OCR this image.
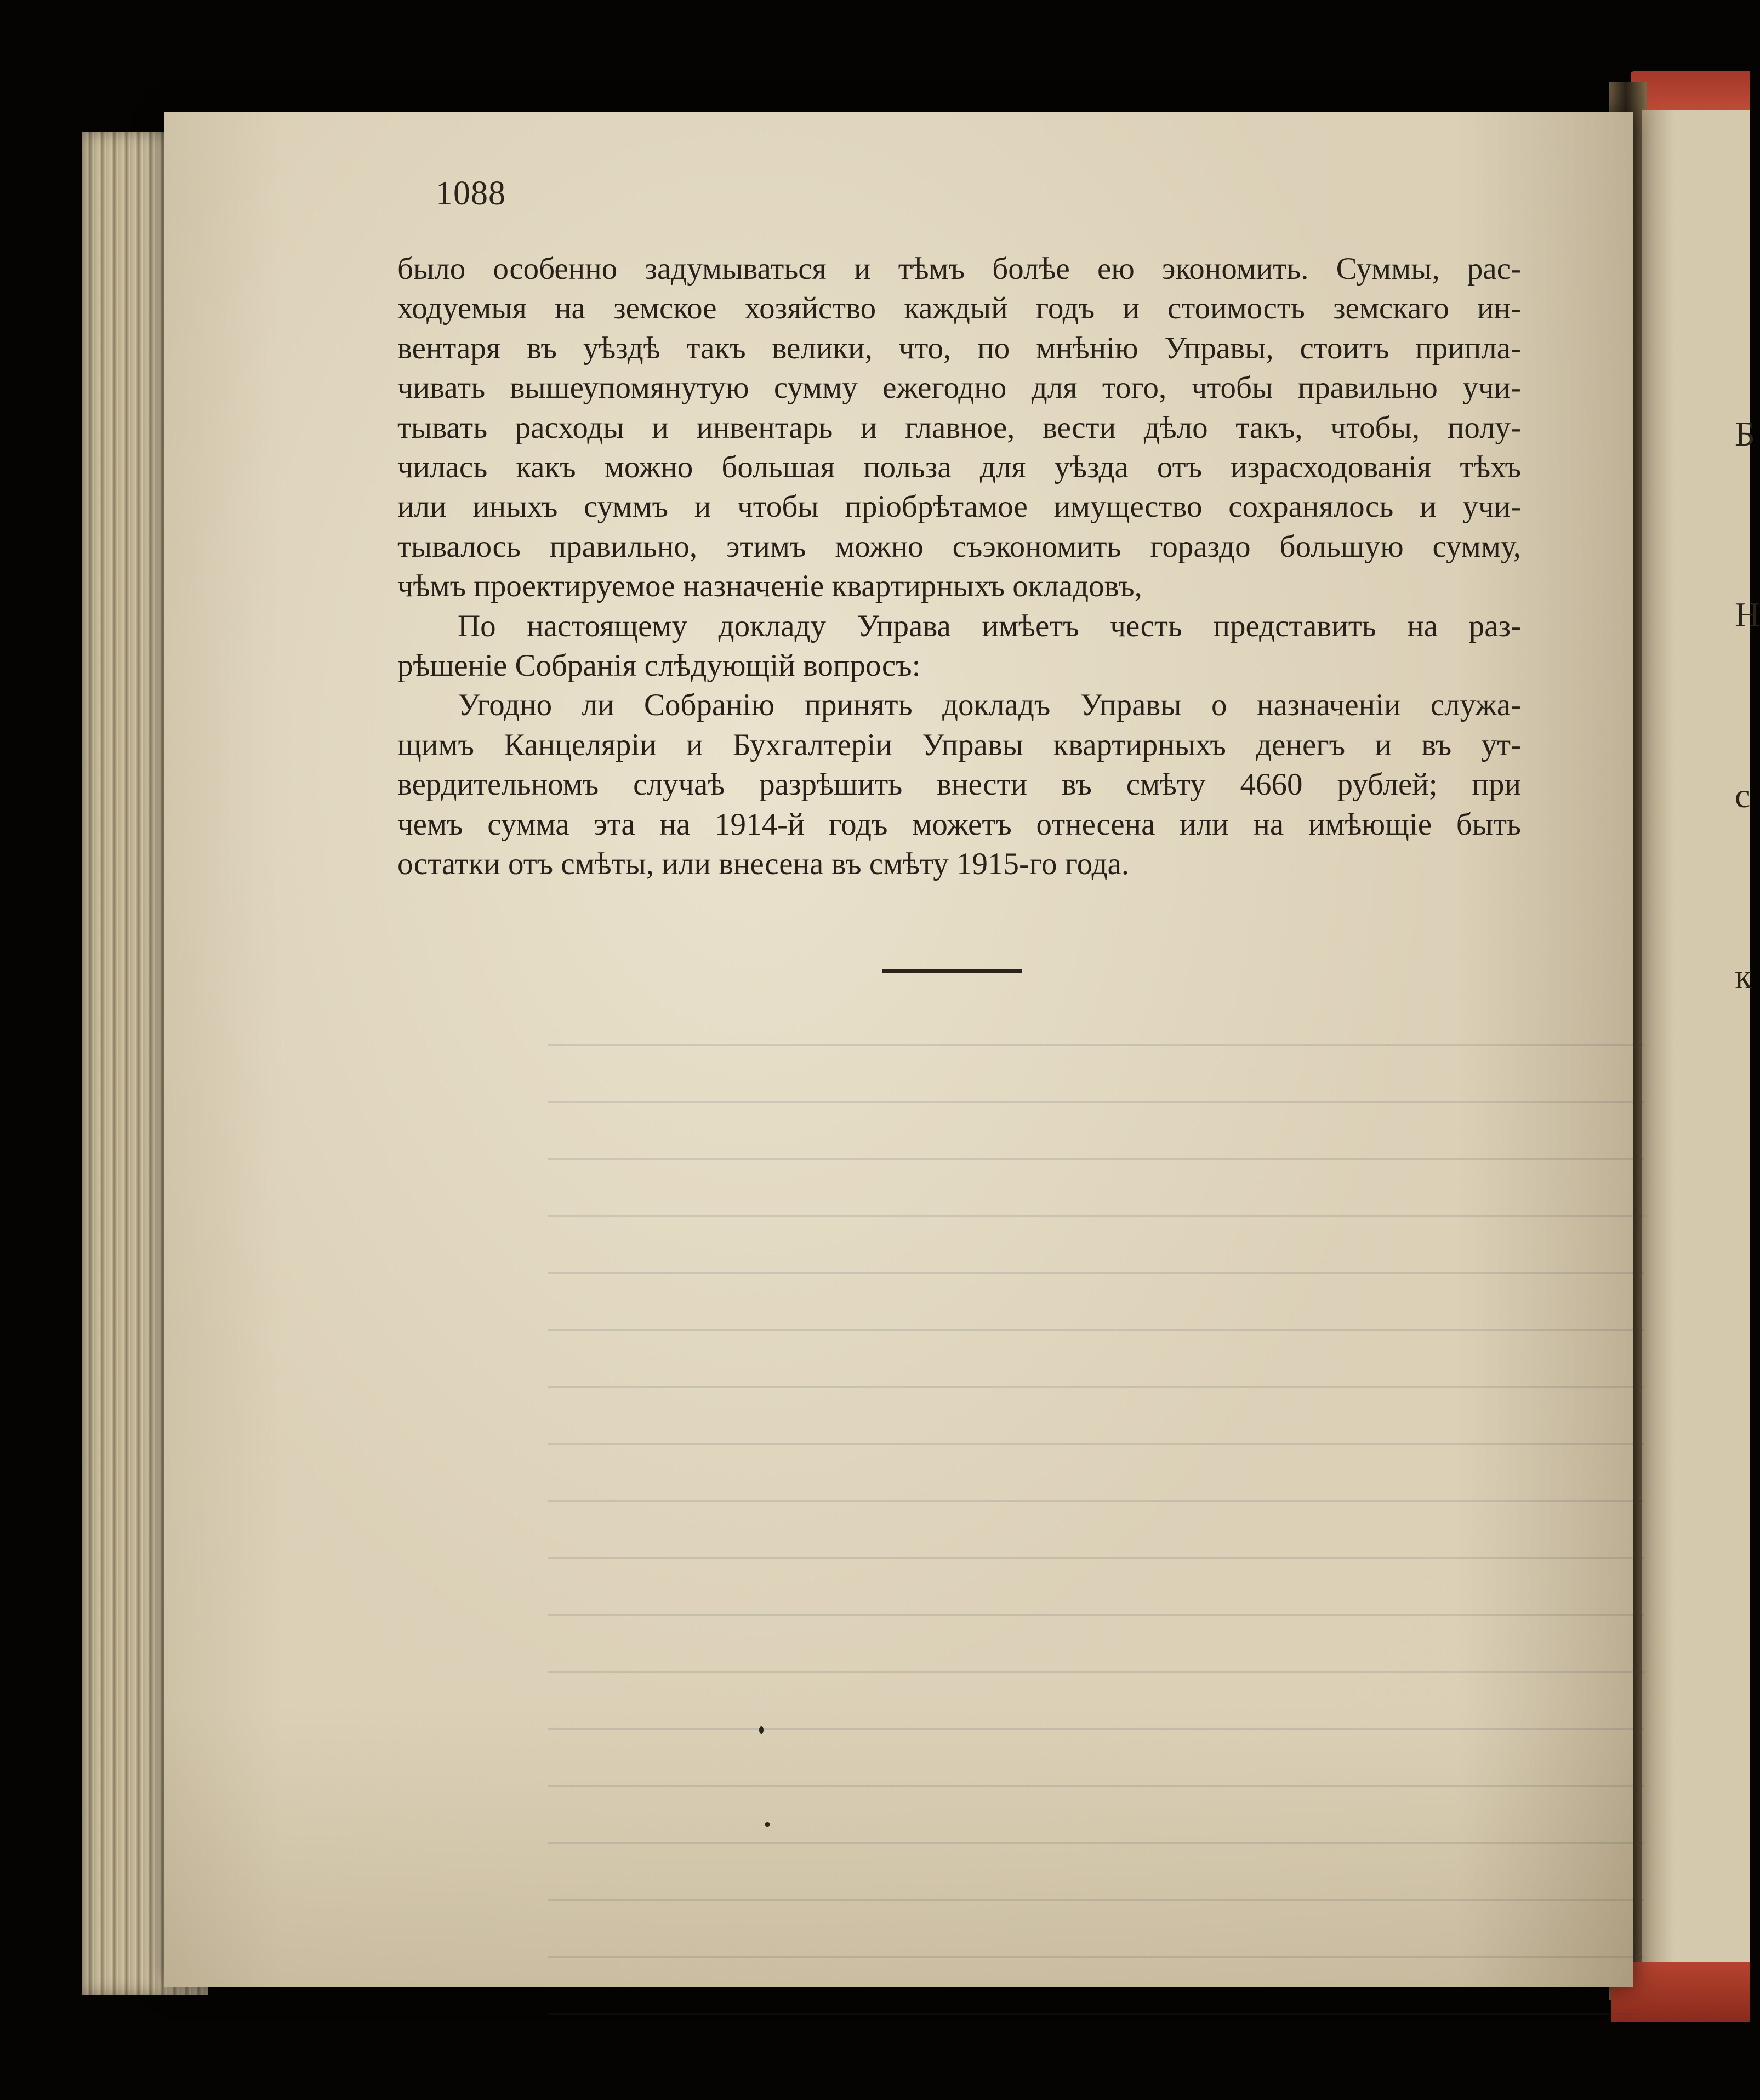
Б
Н
с
к
1088
было особенно задумываться и тѣмъ болѣе ею экономить. Суммы, рас-
ходуемыя на земское хозяйство каждый годъ и стоимость земскаго ин-
вентаря въ уѣздѣ такъ велики, что, по мнѣнію Управы, стоитъ припла-
чивать вышеупомянутую сумму ежегодно для того, чтобы правильно учи-
тывать расходы и инвентарь и главное, вести дѣло такъ, чтобы, полу-
чилась какъ можно большая польза для уѣзда отъ израсходованія тѣхъ
или иныхъ суммъ и чтобы пріобрѣтамое имущество сохранялось и учи-
тывалось правильно, этимъ можно съэкономить гораздо большую сумму,
чѣмъ проектируемое назначеніе квартирныхъ окладовъ,
По настоящему докладу Управа имѣетъ честь представить на раз-
рѣшеніе Собранія слѣдующій вопросъ:
Угодно ли Собранію принять докладъ Управы о назначеніи служа-
щимъ Канцеляріи и Бухгалтеріи Управы квартирныхъ денегъ и въ ут-
вердительномъ случаѣ разрѣшить внести въ смѣту 4660 рублей; при
чемъ сумма эта на 1914-й годъ можетъ отнесена или на имѣющіе быть
остатки отъ смѣты, или внесена въ смѣту 1915-го года.
